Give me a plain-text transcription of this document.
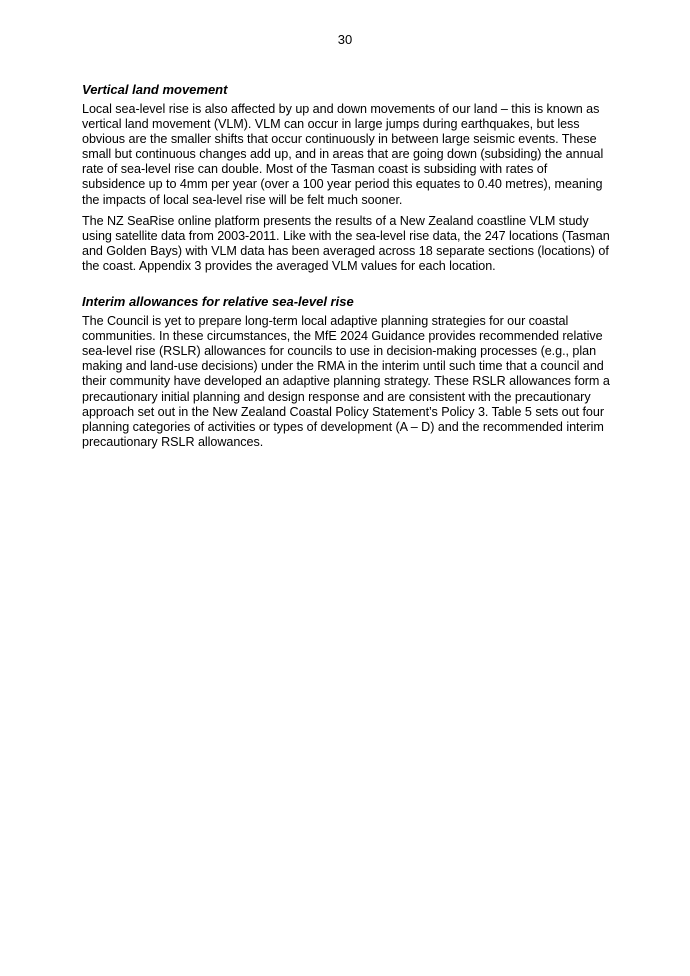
30
Vertical land movement

Local sea-level rise is also affected by up and down movements of our land – this is known as vertical land movement (VLM). VLM can occur in large jumps during earthquakes, but less obvious are the smaller shifts that occur continuously in between large seismic events. These small but continuous changes add up, and in areas that are going down (subsiding) the annual rate of sea-level rise can double. Most of the Tasman coast is subsiding with rates of subsidence up to 4mm per year (over a 100 year period this equates to 0.40 metres), meaning the impacts of local sea-level rise will be felt much sooner.

The NZ SeaRise online platform presents the results of a New Zealand coastline VLM study using satellite data from 2003-2011. Like with the sea-level rise data, the 247 locations (Tasman and Golden Bays) with VLM data has been averaged across 18 separate sections (locations) of the coast. Appendix 3 provides the averaged VLM values for each location.

Interim allowances for relative sea-level rise

The Council is yet to prepare long-term local adaptive planning strategies for our coastal communities. In these circumstances, the MfE 2024 Guidance provides recommended relative sea-level rise (RSLR) allowances for councils to use in decision-making processes (e.g., plan making and land-use decisions) under the RMA in the interim until such time that a council and their community have developed an adaptive planning strategy. These RSLR allowances form a precautionary initial planning and design response and are consistent with the precautionary approach set out in the New Zealand Coastal Policy Statement’s Policy 3. Table 5 sets out four planning categories of activities or types of development (A – D) and the recommended interim precautionary RSLR allowances.
